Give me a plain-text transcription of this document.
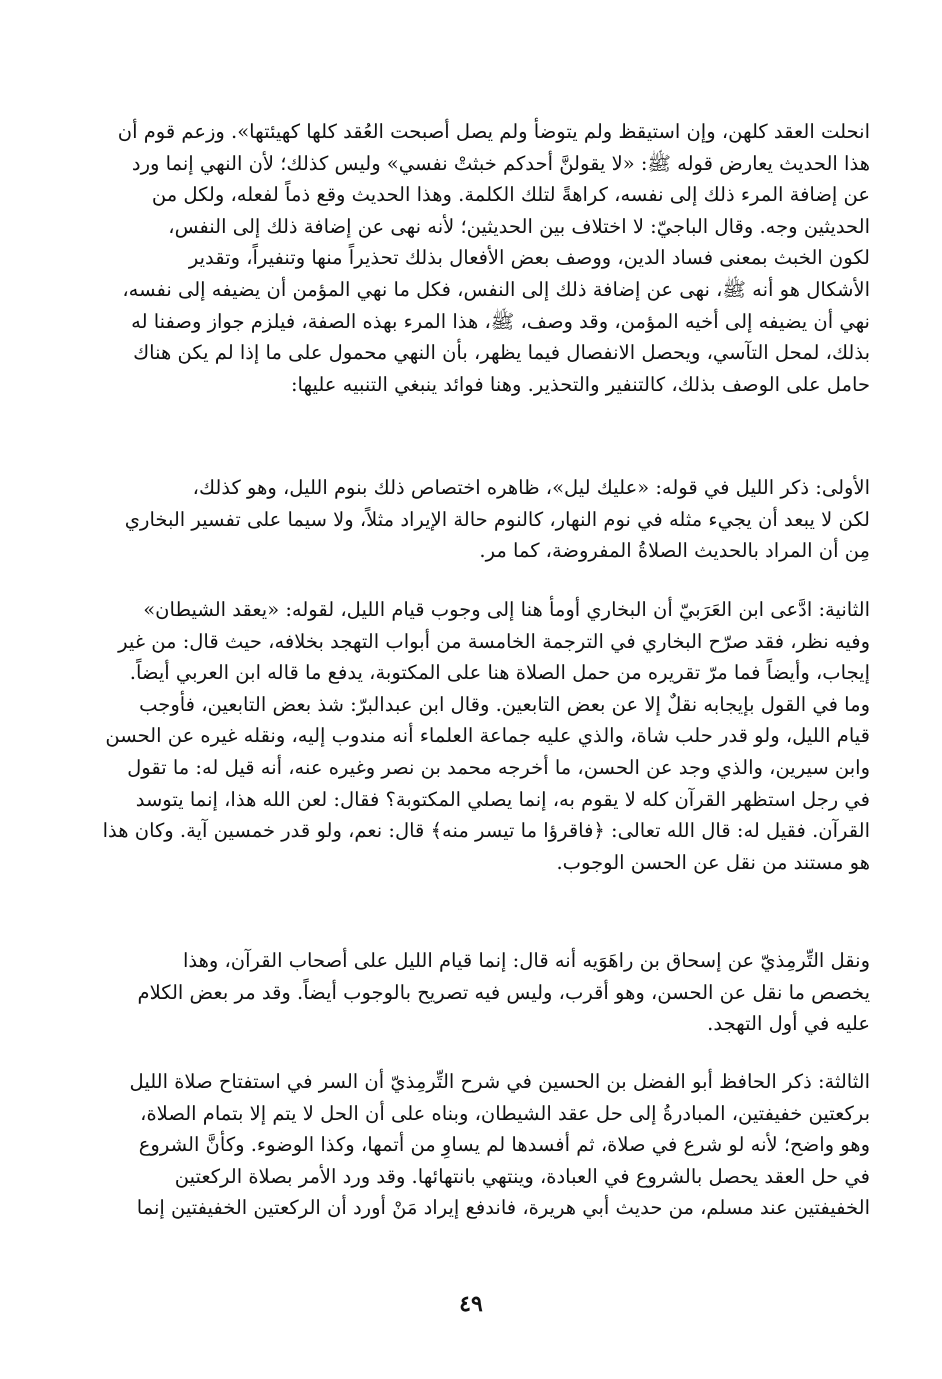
انحلت العقد كلهن، وإن استيقظ ولم يتوضأ ولم يصل أصبحت العُقد كلها كهيئتها». وزعم قوم أن
هذا الحديث يعارض قوله ﷺ: «لا يقولنَّ أحدكم خبثتْ نفسي» وليس كذلك؛ لأن النهي إنما ورد
عن إضافة المرء ذلك إلى نفسه، كراهةً لتلك الكلمة. وهذا الحديث وقع ذماً لفعله، ولكل من
الحديثين وجه. وقال الباجيّ: لا اختلاف بين الحديثين؛ لأنه نهى عن إضافة ذلك إلى النفس،
لكون الخبث بمعنى فساد الدين، ووصف بعض الأفعال بذلك تحذيراً منها وتنفيراً، وتقدير
الأشكال هو أنه ﷺ، نهى عن إضافة ذلك إلى النفس، فكل ما نهي المؤمن أن يضيفه إلى نفسه،
نهي أن يضيفه إلى أخيه المؤمن، وقد وصف، ﷺ، هذا المرء بهذه الصفة، فيلزم جواز وصفنا له
بذلك، لمحل التآسي، ويحصل الانفصال فيما يظهر، بأن النهي محمول على ما إذا لم يكن هناك
حامل على الوصف بذلك، كالتنفير والتحذير. وهنا فوائد ينبغي التنبيه عليها:
الأولى: ذكر الليل في قوله: «عليك ليل»، ظاهره اختصاص ذلك بنوم الليل، وهو كذلك،
لكن لا يبعد أن يجيء مثله في نوم النهار، كالنوم حالة الإيراد مثلاً، ولا سيما على تفسير البخاري
مِن أن المراد بالحديث الصلاةُ المفروضة، كما مر.
الثانية: ادَّعى ابن العَرَبيّ أن البخاري أومأ هنا إلى وجوب قيام الليل، لقوله: «يعقد الشيطان»
وفيه نظر، فقد صرّح البخاري في الترجمة الخامسة من أبواب التهجد بخلافه، حيث قال: من غير
إيجاب، وأيضاً فما مرّ تقريره من حمل الصلاة هنا على المكتوبة، يدفع ما قاله ابن العربي أيضاً.
وما في القول بإيجابه نقلٌ إلا عن بعض التابعين. وقال ابن عبدالبرّ: شذ بعض التابعين، فأوجب
قيام الليل، ولو قدر حلب شاة، والذي عليه جماعة العلماء أنه مندوب إليه، ونقله غيره عن الحسن
وابن سيرين، والذي وجد عن الحسن، ما أخرجه محمد بن نصر وغيره عنه، أنه قيل له: ما تقول
في رجل استظهر القرآن كله لا يقوم به، إنما يصلي المكتوبة؟ فقال: لعن الله هذا، إنما يتوسد
القرآن. فقيل له: قال الله تعالى: ﴿فاقرؤا ما تيسر منه﴾ قال: نعم، ولو قدر خمسين آية. وكان هذا
هو مستند من نقل عن الحسن الوجوب.
ونقل التِّرمِذيّ عن إسحاق بن راهَوَيه أنه قال: إنما قيام الليل على أصحاب القرآن، وهذا
يخصص ما نقل عن الحسن، وهو أقرب، وليس فيه تصريح بالوجوب أيضاً. وقد مر بعض الكلام
عليه في أول التهجد.
الثالثة: ذكر الحافظ أبو الفضل بن الحسين في شرح التِّرمِذيّ أن السر في استفتاح صلاة الليل
بركعتين خفيفتين، المبادرةُ إلى حل عقد الشيطان، وبناه على أن الحل لا يتم إلا بتمام الصلاة،
وهو واضح؛ لأنه لو شرع في صلاة، ثم أفسدها لم يساوِ من أتمها، وكذا الوضوء. وكأنَّ الشروع
في حل العقد يحصل بالشروع في العبادة، وينتهي بانتهائها. وقد ورد الأمر بصلاة الركعتين
الخفيفتين عند مسلم، من حديث أبي هريرة، فاندفع إيراد مَنْ أورد أن الركعتين الخفيفتين إنما
٤٩
